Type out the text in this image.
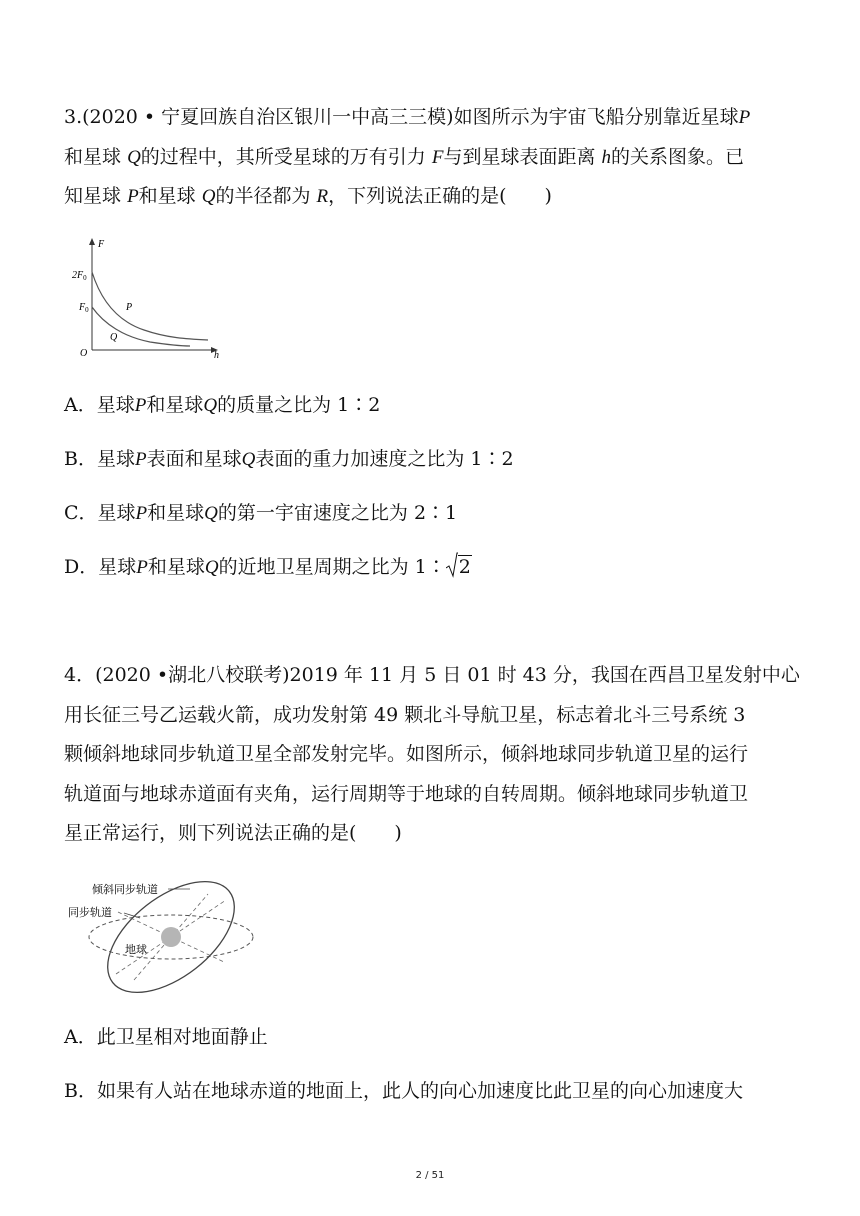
3.(2020 • 宁夏回族自治区银川一中高三三模)如图所示为宇宙飞船分别靠近星球P
和星球 Q的过程中，其所受星球的万有引力 F与到星球表面距离 h的关系图象。已
知星球 P和星球 Q的半径都为 R，下列说法正确的是(　　)
F
h
O
$2F_0$
$F_0$	P
Q
A．星球P和星球Q的质量之比为 1∶2
B．星球P表面和星球Q表面的重力加速度之比为 1∶2
C．星球P和星球Q的第一宇宙速度之比为 2∶1
D．星球P和星球Q的近地卫星周期之比为 1∶ 2
4．(2020 •湖北八校联考)2019 年 11 月 5 日 01 时 43 分，我国在西昌卫星发射中心
用长征三号乙运载火箭，成功发射第 49 颗北斗导航卫星，标志着北斗三号系统 3
颗倾斜地球同步轨道卫星全部发射完毕。如图所示，倾斜地球同步轨道卫星的运行
轨道面与地球赤道面有夹角，运行周期等于地球的自转周期。倾斜地球同步轨道卫
星正常运行，则下列说法正确的是(　　)
倾斜同步轨道
同步轨道
地球
A．此卫星相对地面静止
B．如果有人站在地球赤道的地面上，此人的向心加速度比此卫星的向心加速度大
2 / 51
